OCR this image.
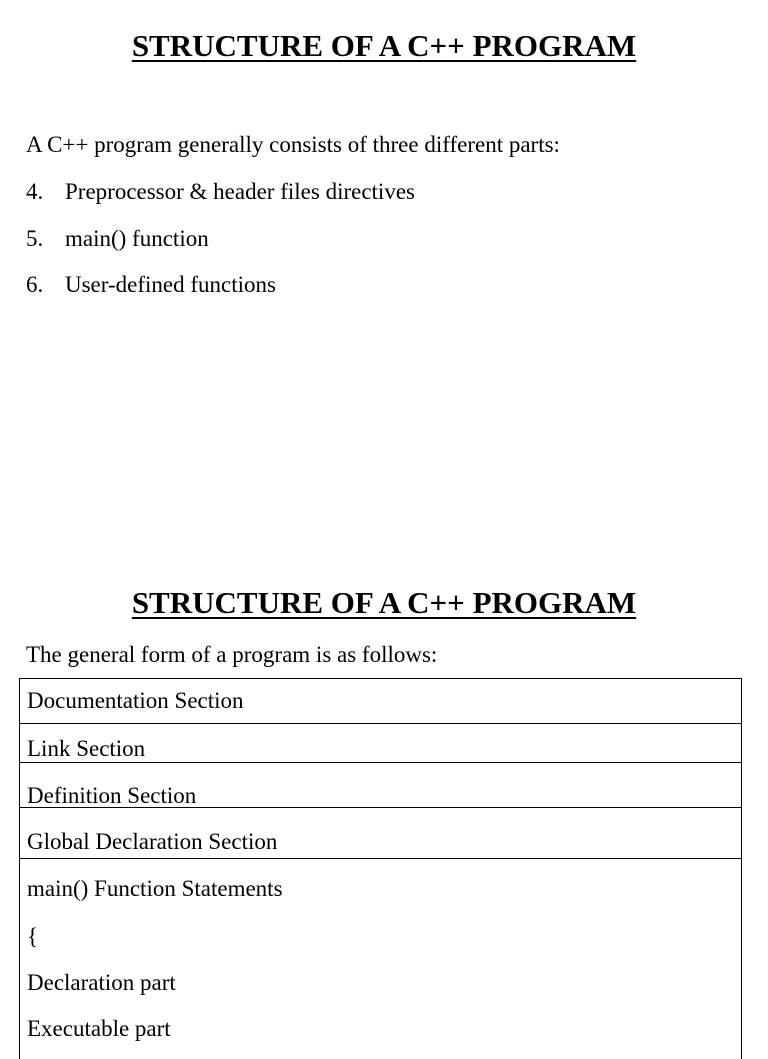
STRUCTURE OF A C++ PROGRAM
A C++ program generally consists of three different parts:
4. Preprocessor & header files directives
5. main() function
6. User-defined functions
STRUCTURE OF A C++ PROGRAM
The general form of a program is as follows:
Documentation Section
Link Section
Definition Section
Global Declaration Section
main() Function Statements
{
Declaration part
Executable part
